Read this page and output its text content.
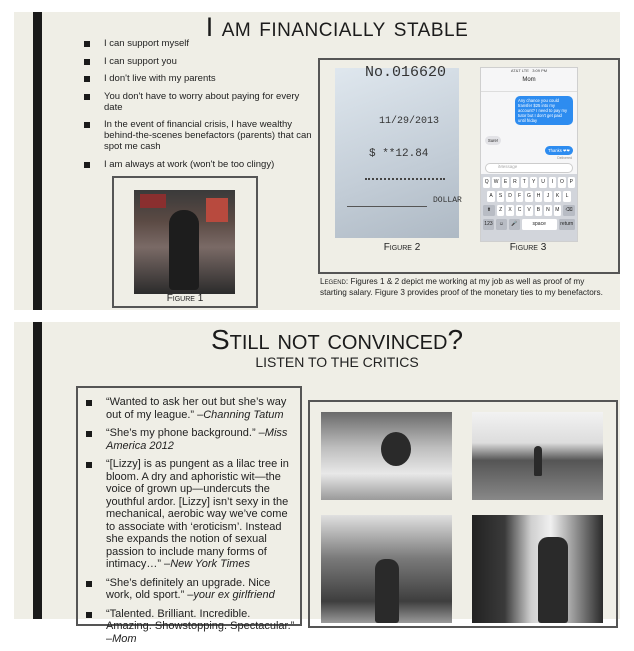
I am financially stable
I can support myself
I can support you
I don't live with my parents
You don't have to worry about paying for every date
In the event of financial crisis, I have wealthy behind-the-scenes benefactors (parents) that can spot me cash
I am always at work (won't be too clingy)
Figure 1
No.016620
11/29/2013
$ **12.84
DOLLAR
AT&T LTE 3:09 PM
Mom
Any chance you could transfer $25 into my account? I need to pay my tutor but I don't get paid until friday
Sure!
Thanks ❤❤
Delivered
iMessage
Q	W	E	R	T	Y	U	I	O	P
A	S	D	F	G	H	J	K	L
⬆	Z	X	C	V	B	N	M	⌫
123	☺	🎤	space	return
Figure 2	Figure 3
Legend: Figures 1 & 2 depict me working at my job as well as proof of my starting salary. Figure 3 provides proof of the monetary ties to my benefactors.
Still not convinced?
LISTEN TO THE CRITICS
“Wanted to ask her out but she’s way out of my league.” –Channing Tatum
“She’s my phone background.” –Miss America 2012
“[Lizzy] is as pungent as a lilac tree in bloom. A dry and aphoristic wit—the voice of grown up—undercuts the youthful ardor. [Lizzy] isn’t sexy in the mechanical, aerobic way we’ve come to associate with ‘eroticism’. Instead she expands the notion of sexual passion to include many forms of intimacy…” –New York Times
“She’s definitely an upgrade. Nice work, old sport.” –your ex girlfriend
“Talented. Brilliant. Incredible. Amazing. Showstopping. Spectacular.” –Mom
